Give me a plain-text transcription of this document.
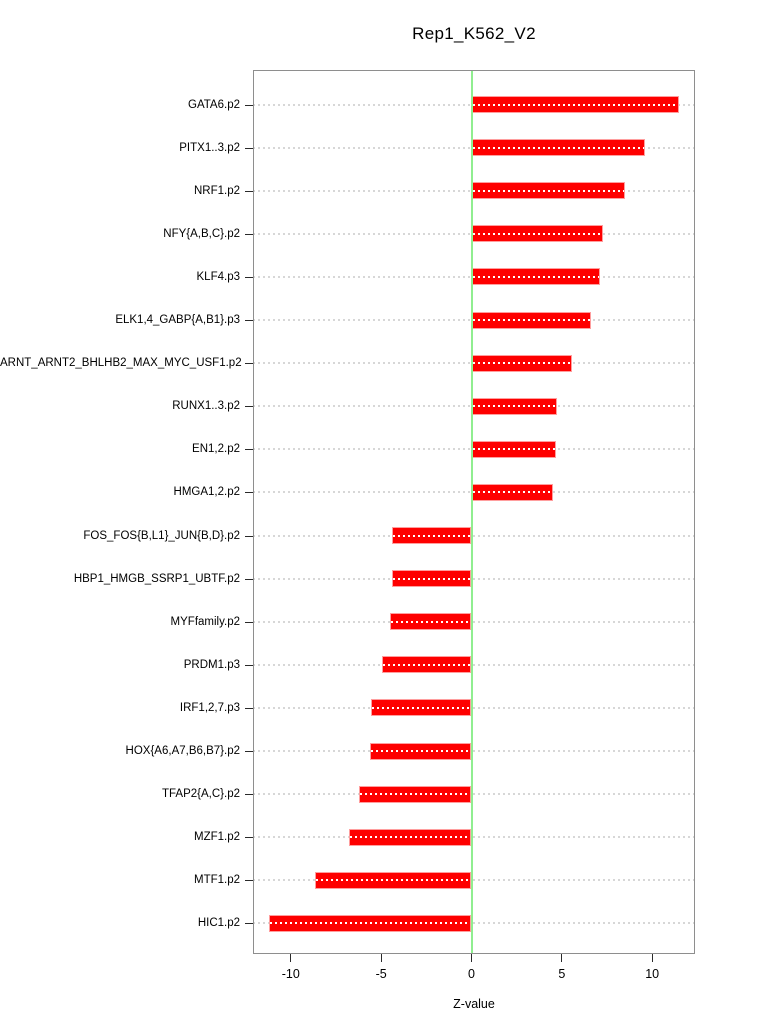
Rep1_K562_V2
Z-value
GATA6.p2
PITX1..3.p2
NRF1.p2
NFY{A,B,C}.p2
KLF4.p3
ELK1,4_GABP{A,B1}.p3
ARNT_ARNT2_BHLHB2_MAX_MYC_USF1.p2
RUNX1..3.p2
EN1,2.p2
HMGA1,2.p2
FOS_FOS{B,L1}_JUN{B,D}.p2
HBP1_HMGB_SSRP1_UBTF.p2
MYFfamily.p2
PRDM1.p3
IRF1,2,7.p3
HOX{A6,A7,B6,B7}.p2
TFAP2{A,C}.p2
MZF1.p2
MTF1.p2
HIC1.p2
-10	-5	0	5	10
